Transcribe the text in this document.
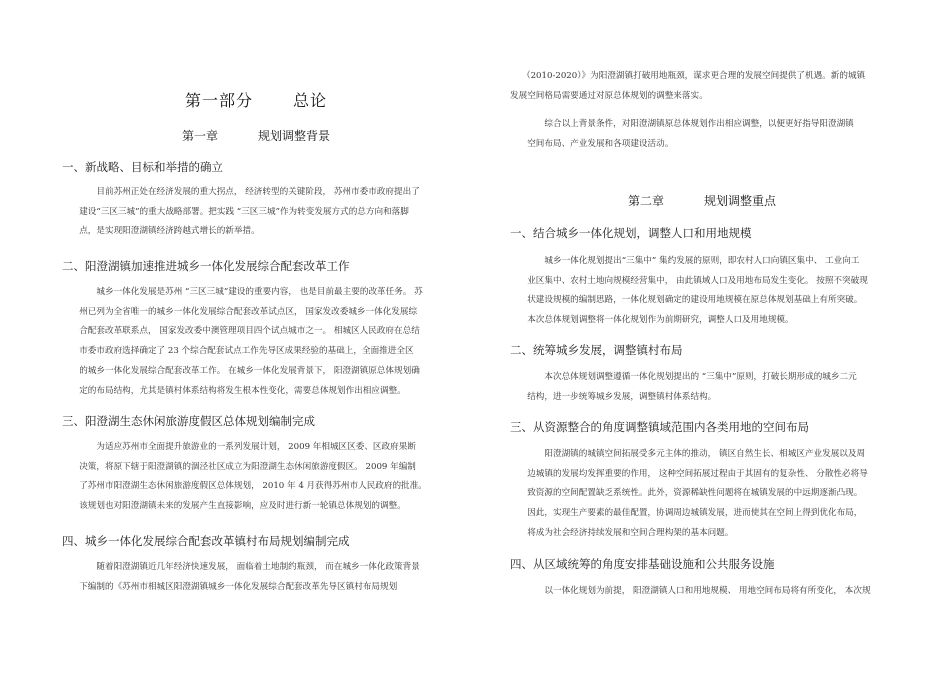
第一部分	总论
第一章	规划调整背景
一、新战略、目标和举措的确立
目前苏州正处在经济发展的重大拐点， 经济转型的关键阶段， 苏州市委市政府提出了
建设“三区三城”的重大战略部署。把实践 “三区三城”作为转变发展方式的总方向和落脚
点，是实现阳澄湖镇经济跨越式增长的新举措。
二、阳澄湖镇加速推进城乡一体化发展综合配套改革工作
城乡一体化发展是苏州 “三区三城”建设的重要内容， 也是目前最主要的改革任务。 苏
州已列为全省唯一的城乡一体化发展综合配套改革试点区， 国家发改委城乡一体化发展综
合配套改革联系点， 国家发改委中澳管理项目四个试点城市之一。 相城区人民政府在总结
市委市政府选择确定了 23 个综合配套试点工作先导区成果经验的基础上，全面推进全区
的城乡一体化发展综合配套改革工作。 在城乡一体化发展背景下， 阳澄湖镇原总体规划确
定的布局结构，尤其是镇村体系结构将发生根本性变化，需要总体规划作出相应调整。
三、阳澄湖生态休闲旅游度假区总体规划编制完成
为适应苏州市全面提升旅游业的一系列发展计划， 2009 年相城区区委、区政府果断
决策，将原下辖于阳澄湖镇的涸泾社区成立为阳澄湖生态休闲旅游度假区。 2009 年编制
了苏州市阳澄湖生态休闲旅游度假区总体规划， 2010 年 4 月获得苏州市人民政府的批准。
该规划也对阳澄湖镇未来的发展产生直接影响，应及时进行新一轮镇总体规划的调整。
四、城乡一体化发展综合配套改革镇村布局规划编制完成
随着阳澄湖镇近几年经济快速发展， 面临着土地制约瓶颈， 而在城乡一体化政策背景
下编制的《苏州市相城区阳澄湖镇城乡一体化发展综合配套改革先导区镇村布局规划
（2010-2020）》为阳澄湖镇打破用地瓶颈，谋求更合理的发展空间提供了机遇。新的城镇
发展空间格局需要通过对原总体规划的调整来落实。
综合以上背景条件，对阳澄湖镇原总体规划作出相应调整，以便更好指导阳澄湖镇
空间布局、产业发展和各项建设活动。
第二章	规划调整重点
一、结合城乡一体化规划，调整人口和用地规模
城乡一体化规划提出“三集中” 集约发展的原则，即农村人口向镇区集中、 工业向工
业区集中、农村土地向规模经营集中， 由此镇域人口及用地布局发生变化。 按照不突破现
状建设规模的编制思路，一体化规划确定的建设用地规模在原总体规划基础上有所突破。
本次总体规划调整将一体化规划作为前期研究，调整人口及用地规模。
二、统筹城乡发展，调整镇村布局
本次总体规划调整遵循一体化规划提出的 “三集中”原则，打破长期形成的城乡二元
结构，进一步统筹城乡发展，调整镇村体系结构。
三、从资源整合的角度调整镇域范围内各类用地的空间布局
阳澄湖镇的城镇空间拓展受多元主体的推动， 镇区自然生长、相城区产业发展以及周
边城镇的发展均发挥重要的作用， 这种空间拓展过程由于其固有的复杂性、 分散性必将导
致资源的空间配置缺乏系统性。此外，资源稀缺性问题将在城镇发展的中远期逐渐凸现。
因此，实现生产要素的最佳配置，协调周边城镇发展，进而使其在空间上得到优化布局，
将成为社会经济持续发展和空间合理构架的基本问题。
四、从区域统筹的角度安排基础设施和公共服务设施
以一体化规划为前提， 阳澄湖镇人口和用地规模、 用地空间布局将有所变化， 本次规
